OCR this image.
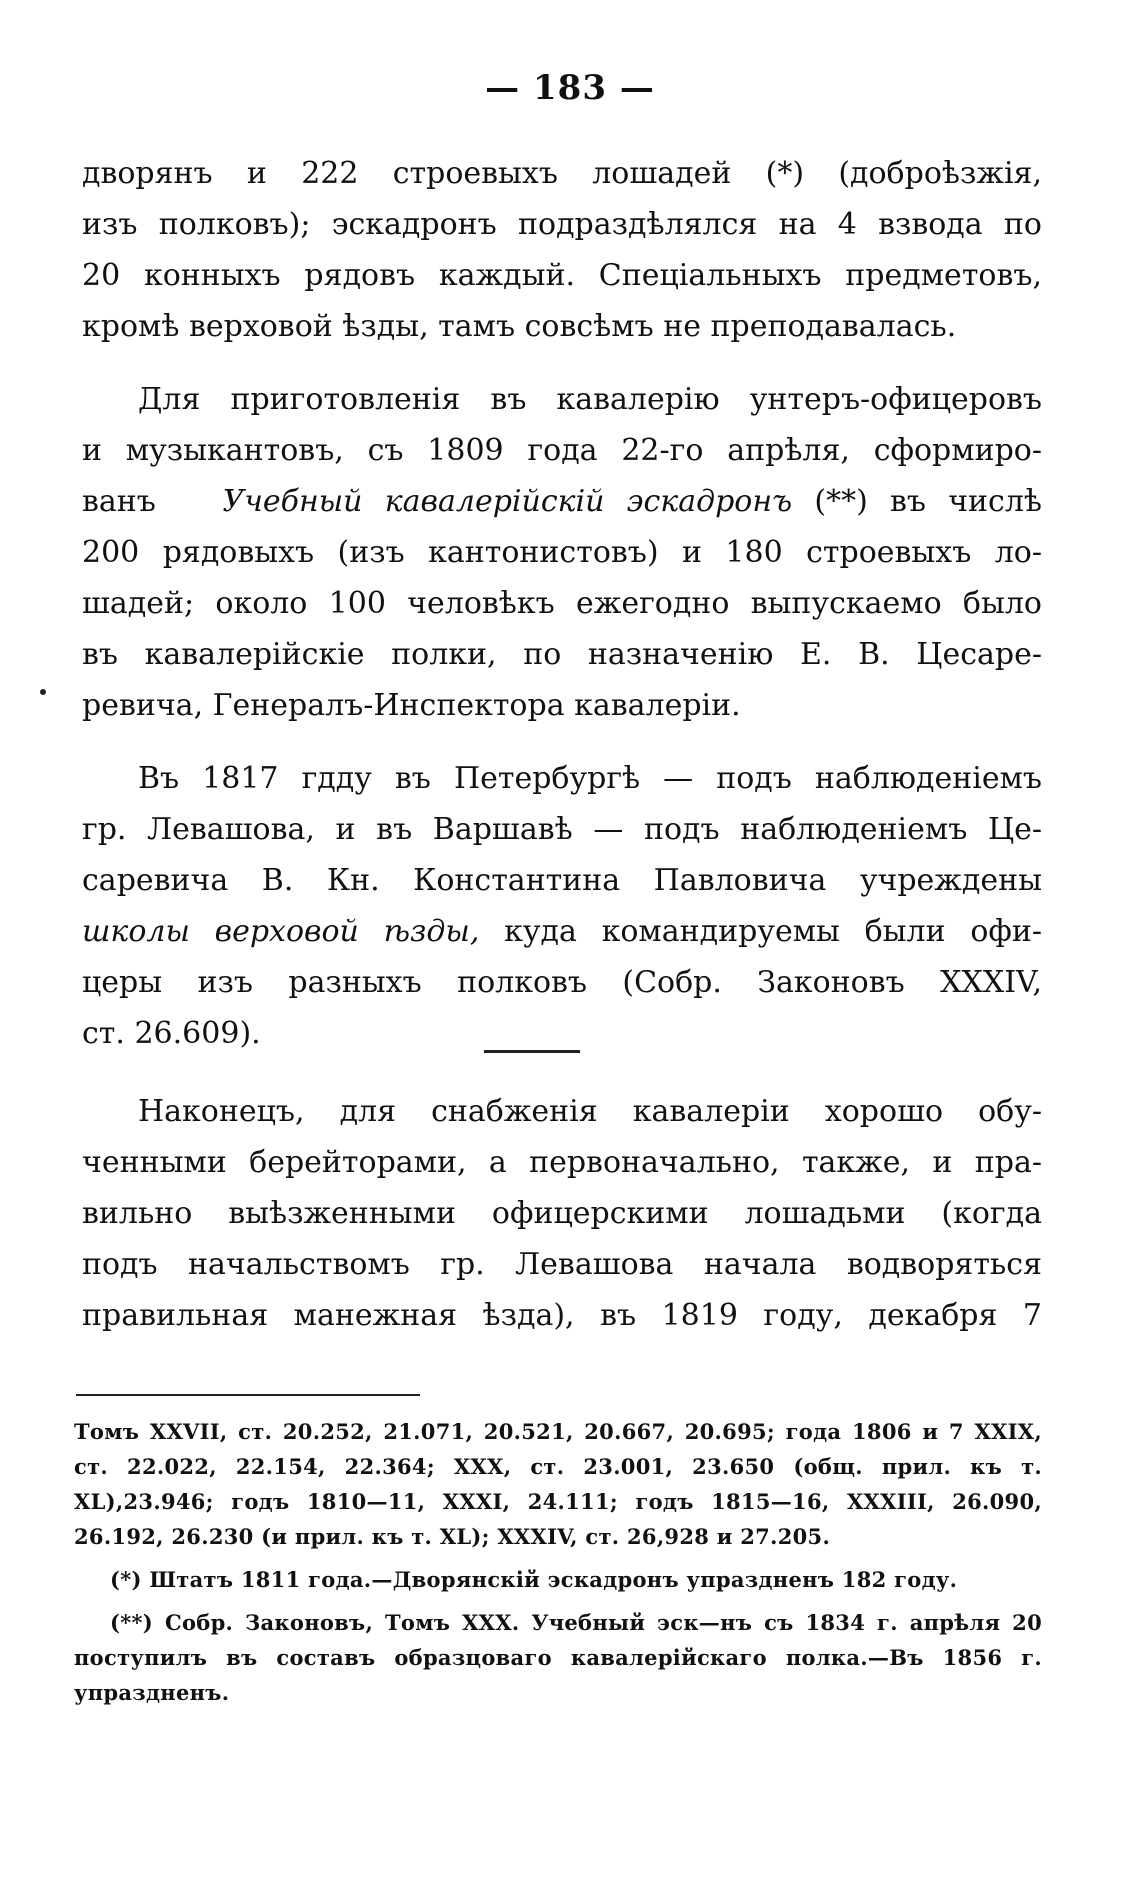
— 183 —

дворянъ и 222 строевыхъ лошадей (*) (доброѣзжія,
изъ полковъ); эскадронъ подраздѣлялся на 4 взвода по
20 конныхъ рядовъ каждый. Спеціальныхъ предметовъ,
кромѣ верховой ѣзды, тамъ совсѣмъ не преподавалась.

Для приготовленія въ кавалерію унтеръ-офицеровъ
и музыкантовъ, съ 1809 года 22-го апрѣля, сформиро-
ванъ Учебный кавалерійскій эскадронъ (**) въ числѣ
200 рядовыхъ (изъ кантонистовъ) и 180 строевыхъ ло-
шадей; около 100 человѣкъ ежегодно выпускаемо было
въ кавалерійскіе полки, по назначенію Е. В. Цесаре-
ревича, Генералъ-Инспектора кавалеріи.

Въ 1817 гдду въ Петербургѣ — подъ наблюденіемъ
гр. Левашова, и въ Варшавѣ — подъ наблюденіемъ Це-
саревича В. Кн. Константина Павловича учреждены
школы верховой ѣзды, куда командируемы были офи-
церы изъ разныхъ полковъ (Собр. Законовъ XXXIV,
ст. 26.609).

Наконецъ, для снабженія кавалеріи хорошо обу-
ченными берейторами, а первоначально, также, и пра-
вильно выѣзженными офицерскими лошадьми (когда
подъ начальствомъ гр. Левашова начала водворяться
правильная манежная ѣзда), въ 1819 году, декабря 7

Томъ XXVII, ст. 20.252, 21.071, 20.521, 20.667, 20.695; года 1806 и 7 XXIX, ст. 22.022, 22.154, 22.364; XXX, ст. 23.001, 23.650 (общ. прил. къ т. XL),23.946; годъ 1810—11, XXXI, 24.111; годъ 1815—16, XXXIII, 26.090, 26.192, 26.230 (и прил. къ т. XL); XXXIV, ст. 26,928 и 27.205.

(*) Штатъ 1811 года.—Дворянскій эскадронъ упраздненъ 182 году.

(**) Собр. Законовъ, Томъ XXX. Учебный эск—нъ съ 1834 г. апрѣля 20 поступилъ въ составъ образцоваго кавалерійскаго полка.—Въ 1856 г. упраздненъ.
